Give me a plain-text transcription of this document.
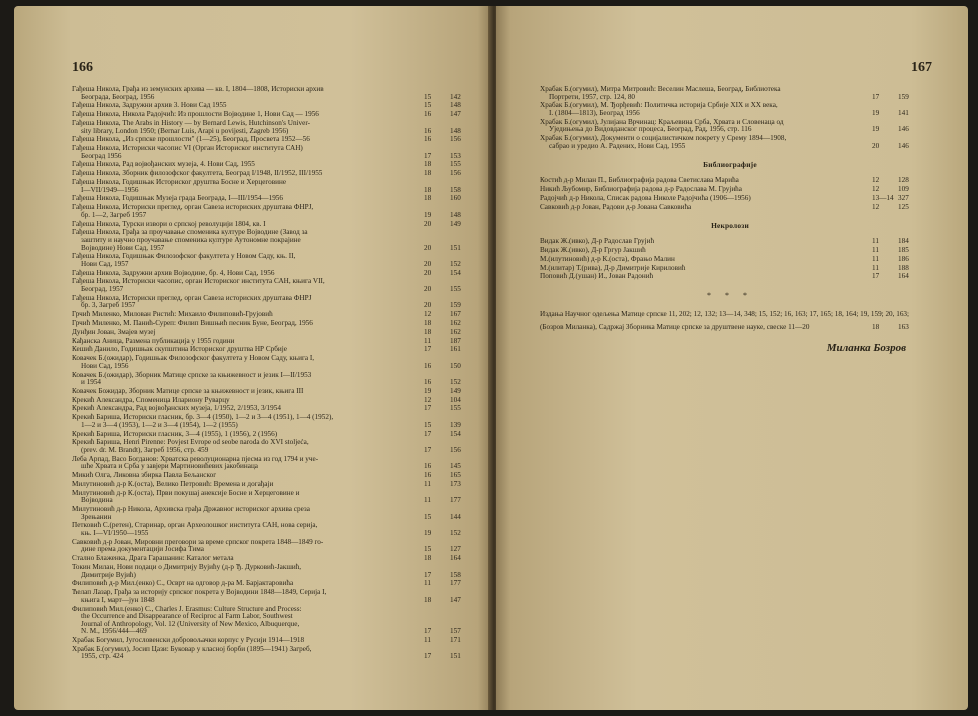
166
Гађеша Никола, Грађа из земунских архива — кв. I, 1804—1808, Историски архив
Београда, Београд, 1956	15	142
Гађеша Никола, Задружни архив 3. Нови Сад 1955	15	148
Гађеша Никола, Никола Радојчић: Из прошлости Војводине 1, Нови Сад — 1956	16	147
Гађеша Никола, The Arabs in History — by Bernard Lewis, Hutchinson's Univer-
sity library, London 1950; (Bernar Luis, Arapi u povijesti, Zagreb 1956)	16	148
Гађеша Никола, „Из српске прошлости" (1—25), Београд, Просвета 1952—56	16	156
Гађеша Никола, Историски часопис VI (Орган Историског института САН)
Београд 1956	17	153
Гађеша Никола, Рад војвођанских музеја, 4. Нови Сад, 1955	18	155
Гађеша Никола, Зборник филозофског факултета, Београд I/1948, II/1952, III/1955	18	156
Гађеша Никола, Годишњак Историског друштва Босне и Херцеговине
I—VII/1949—1956	18	158
Гађеша Никола, Годишњак Музеја града Београда, I—III/1954—1956	18	160
Гађеша Никола, Историски преглед, орган Савеза историских друштава ФНРЈ,
бр. 1—2, Загреб 1957	19	148
Гађеша Никола, Турски извори о српској револуцији 1804, кв. I	20	149
Гађеша Никола, Грађа за проучавање споменика културе Војводине (Завод за
заштиту и научно проучавање споменика културе Аутономне покрајине
Војводине) Нови Сад, 1957	20	151
Гађеша Никола, Годишњак Филозофског факултета у Новом Саду, књ. II,
Нови Сад, 1957	20	152
Гађеша Никола, Задружни архив Војводине, бр. 4, Нови Сад, 1956	20	154
Гађеша Никола, Историски часопис, орган Историског института САН, књига VII,
Београд, 1957	20	155
Гађеша Никола, Историски преглед, орган Савеза историских друштава ФНРЈ
бр. 3, Загреб 1957	20	159
Грчић Миленко, Милован Рнстић: Михаило Филиповић-Грујовић	12	167
Грчић Миленко, М. Панић-Суреп: Филип Вишњић песник Буне, Београд, 1956	18	162
Дунђин Јован, Змајев музеј	18	162
Кађанска Аница, Разменa публикација у 1955 години	11	187
Кешић Данило, Годишњак скупштина Историског друштва НР Србије	17	161
Ковачек Б.(ожидар), Годишњак Филозофског факултета у Новом Саду, књига I,
Нови Сад, 1956	16	150
Ковачек Б.(ожидар), Зборник Матице српске за књижевност и језик I—II/1953
и 1954	16	152
Ковачек Божидар, Зборник Матице српске за књижевност и језик, књига III	19	149
Крекић Александра, Споменица Илариону Руварцу	12	104
Крекић Александра, Рад војвођанских музеја, 1/1952, 2/1953, 3/1954	17	155
Крекић Баришa, Историски гласник, бр. 3—4 (1950), 1—2 и 3—4 (1951), 1—4 (1952),
1—2 и 3—4 (1953), 1—2 и 3—4 (1954), 1—2 (1955)	15	139
Крекић Баришa, Историски гласник, 3—4 (1955), 1 (1956), 2 (1956)	17	154
Крекић Баришa, Henri Pirenne: Povjest Evrope od seobe naroda do XVI stoljeća,
(prev. dr. M. Brandt), Загреб 1956, стр. 459	17	156
Леба Арпад, Васо Богданов: Хрватска револуционарна пјесма из год 1794 и уче-
шће Хрвата и Срба у завјери Мартиновићевих јакобинаца	16	145
Микић Олга, Ликовна збирка Павла Бељанског	16	165
Милутиновић д-р К.(оста), Велико Петровић: Времена и догађаји	11	173
Милутиновић д-р К.(оста), Први покушај анексије Босне и Херцеговине и
Војводина	11	177
Милутиновић д-р Никола, Архивска грађа Државног историског архива среза
Зрењанин	15	144
Петковић С.(ретен), Старинар, орган Археолошког института САН, нова серија,
књ. I—VI/1950—1955	19	152
Савковић д-р Јован, Мировни преговори за време српског покрета 1848—1849 го-
дине према документацији Јосифа Тима	15	127
Стално Блаженка, Драга Гарашанин: Каталог метала	18	164
Токин Милан, Нови подаци о Димитрију Вујићу (д-р Ђ. Дурковић-Јакшић,
Димитрије Вујић)	17	158
Филиповић д-р Мил.(енко) С., Осврт на одговор д-ра М. Барјактаровића	11	177
Ћелап Лазар, Грађа за историју српског покрета у Војводини 1848—1849, Серија I,
књига I, март—јун 1848	18	147
Филиповић Мил.(енко) С., Charles J. Erasmus: Culture Structure and Process:
the Occurrence and Disappearance of Reciproc al Farm Labor, Southwest
Journal of Anthropology, Vol. 12 (University of New Mexico, Albuquerque,
N. M., 1956/444—469	17	157
Храбак Богумил, Југословенски добровољачки корпус у Русији 1914—1918	11	171
Храбак Б.(огумил), Јосип Цази: Буковар у класној борби (1895—1941) Загреб,
1955, стр. 424	17	151
167
Храбак Б.(огумил), Митра Митровић: Веселин Маслеша, Београд, Библиотека
Портрети, 1957, стр. 124, 80	17	159
Храбак Б.(огумил), М. Ђорђевић: Политичка историја Србије XIX и XX века,
I. (1804—1813), Београд 1956	19	141
Храбак Б.(огумил), Јулијана Врчинац: Краљевина Срба, Хрвата и Словенаца од
Уједињења до Видовданског процеса, Београд, Рад, 1956, стр. 116	19	146
Храбак Б.(огумил), Документи о социјалистичком покрету у Срему 1894—1908,
сабрао и уредио А. Радених, Нови Сад, 1955	20	146
Библиографије
Костић д-р Милан П., Библиографија радова Светислава Марића	12	128
Никић Љубомир, Библиографија радова д-р Радослава М. Грујића	12	109
Радојчић д-р Никола, Списак радова Николе Радојчића (1906—1956)	13—14 327
Савковић д-р Јован, Радови д-р Јована Савковића	12	125
Некролози
Видак Ж.(ивко), Д-р Радослав Грујић	11	184
Видак Ж.(ивко), Д-р Гргур Јакшић	11	185
М.(илутиновић) д-р К.(оста), Фрањо Малин	11	186
М.(илитар) Т.(рива), Д-р Димитрије Кириловић	11	188
Поповић Д.(ушан) И., Јован Радонић	17	164
* * *
Издања Научног одељења Матице српске 11, 202; 12, 132; 13—14, 348; 15, 152; 16, 163; 17, 165; 18, 164; 19, 159; 20, 163;
(Бозров Миланка), Садржај Зборника Матице српске за друштвене науке, свеске 11—20	18	163
Миланка Бозров
